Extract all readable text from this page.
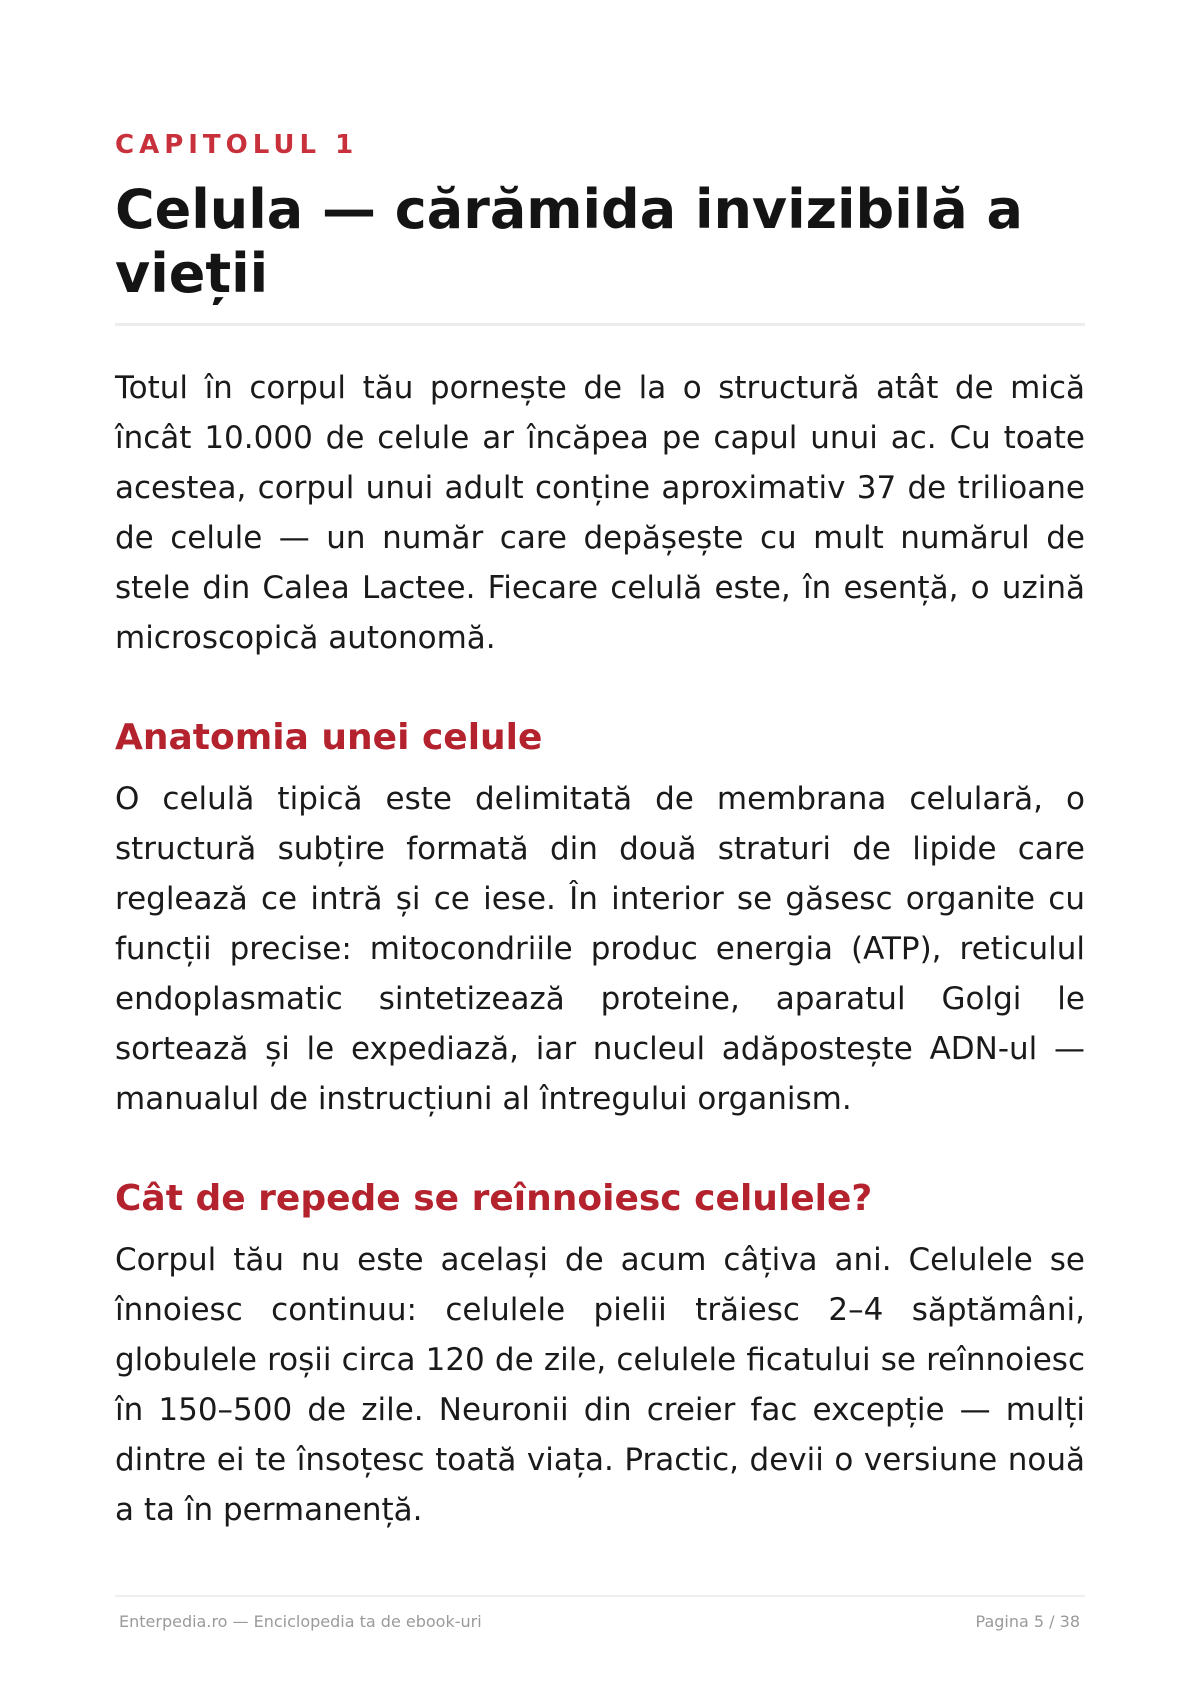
CAPITOLUL 1

Celula — cărămida invizibilă a vieții

Totul în corpul tău pornește de la o structură atât de mică încât 10.000 de celule ar încăpea pe capul unui ac. Cu toate acestea, corpul unui adult conține aproximativ 37 de trilioane de celule — un număr care depășește cu mult numărul de stele din Calea Lactee. Fiecare celulă este, în esență, o uzină microscopică autonomă.

Anatomia unei celule

O celulă tipică este delimitată de membrana celulară, o structură subțire formată din două straturi de lipide care reglează ce intră și ce iese. În interior se găsesc organite cu funcții precise: mitocondriile produc energia (ATP), reticulul endoplasmatic sintetizează proteine, aparatul Golgi le sortează și le expediază, iar nucleul adăpostește ADN-ul — manualul de instrucțiuni al întregului organism.

Cât de repede se reînnoiesc celulele?

Corpul tău nu este același de acum câțiva ani. Celulele se înnoiesc continuu: celulele pielii trăiesc 2–4 săptămâni, globulele roșii circa 120 de zile, celulele ficatului se reînnoiesc în 150–500 de zile. Neuronii din creier fac excepție — mulți dintre ei te însoțesc toată viața. Practic, devii o versiune nouă a ta în permanență.

Enterpedia.ro — Enciclopedia ta de ebook-uri	Pagina 5 / 38
